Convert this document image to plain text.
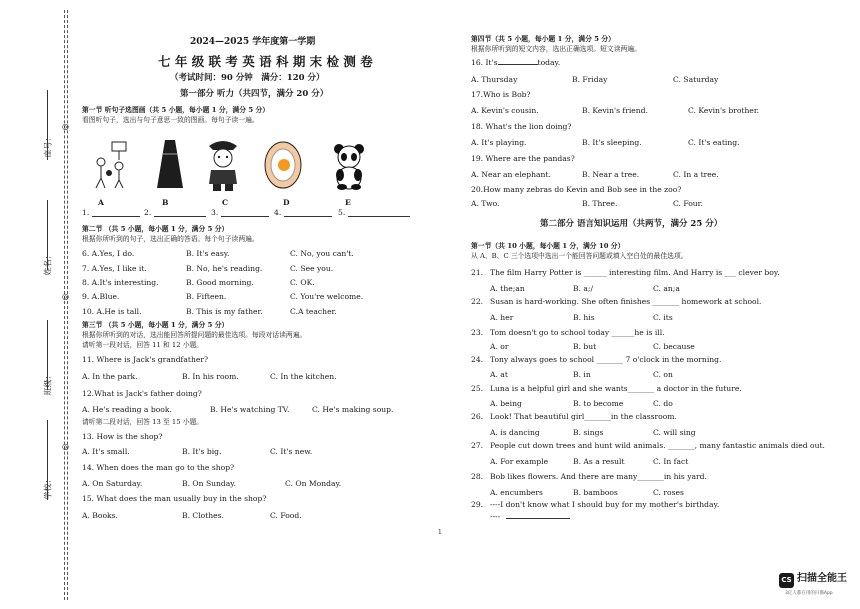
◎
◎
◎
座号：
姓名：
班级：
学校：
2024—2025 学年度第一学期
七 年 级 联 考 英 语 科 期 末 检 测 卷
（考试时间：90 分钟　满分：120 分）
第一部分 听力（共四节，满分 20 分）
第一节 听句子选图画（共 5 小题，每小题 1 分，满分 5 分）
看图听句子，选出与句子意思一致的图画。每句子读一遍。
A	B	C	D	E
1.	2.	3.	4.	5.
第二节 （共 5 小题，每小题 1 分，满分 5 分）
根据你所听到的句子，选出正确的答语。每个句子读两遍。
6. A.Yes, I do.	B. It's easy.	C. No, you can't.
7. A.Yes, I like it.	B. No, he's reading.	C. See you.
8. A.It's interesting.	B. Good morning.	C. OK.
9. A.Blue.	B. Fifteen.	C. You're welcome.
10. A.He is tall.	B. This is my father.	C.A teacher.
第三节 （共 5 小题，每小题 1 分，满分 5 分）
根据你所听到的对话，选出能回答所提问题的最佳选项。每段对话读两遍。
请听第一段对话，回答 11 和 12 小题。
11. Where is Jack's grandfather?
A. In the park.	B. In his room.	C. In the kitchen.
12.What is Jack's father doing?
A. He's reading a book.	B. He's watching TV.	C. He's making soup.
请听第二段对话，回答 13 至 15 小题。
13. How is the shop?
A. It's small.	B. It's big.	C. It's new.
14. When does the man go to the shop?
A. On Saturday.	B. On Sunday.	C. On Monday.
15. What does the man usually buy in the shop?
A. Books.	B. Clothes.	C. Food.
1
第四节（共 5 小题，每小题 1 分，满分 5 分）
根据你所听到的短文内容，选出正确选项。短文读两遍。
16. It's	today.
A. Thursday	B. Friday	C. Saturday
17.Who is Bob?
A. Kevin's cousin.	B. Kevin's friend.	C. Kevin's brother.
18. What's the lion doing?
A. It's playing.	B. It's sleeping.	C. It's eating.
19. Where are the pandas?
A. Near an elephant.	B. Near a tree.	C. In a tree.
20.How many zebras do Kevin and Bob see in the zoo?
A. Two.	B. Three.	C. Four.
第二部分 语言知识运用（共两节，满分 25 分）
第一节（共 10 小题，每小题 1 分，满分 10 分）
从 A、B、C 三个选项中选出一个能回答问题或填入空白处的最佳选项。
21. The film Harry Potter is ______ interesting film. And Harry is ___ clever boy.
A. the;an	B. a;/	C. an;a
22. Susan is hard-working. She often finishes _______ homework at school.
A. her	B. his	C. its
23. Tom doesn't go to school today ______he is ill.
A. or	B. but	C. because
24. Tony always goes to school _______ 7 o'clock in the morning.
A. at	B. in	C. on
25. Luna is a helpful girl and she wants_______ a doctor in the future.
A. being	B. to become	C. do
26. Look! That beautiful girl_______in the classroom.
A. is dancing	B. sings	C. will sing
27. People cut down trees and hunt wild animals. _______, many fantastic animals died out.
A. For example	B. As a result	C. In fact
28. Bob likes flowers. And there are many_______in his yard.
A. encumbers	B. bamboos	C. roses
29. ----I don't know what I should buy for my mother's birthday.
----
CS 扫描全能王
3亿人都在用的扫描App
